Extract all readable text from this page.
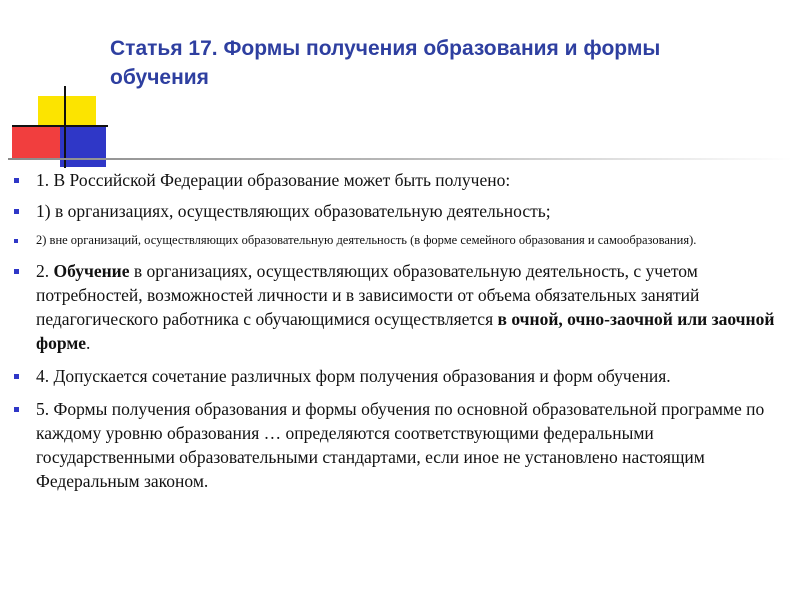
Статья 17. Формы получения образования и формы обучения
1. В Российской Федерации образование может быть получено:
1) в организациях, осуществляющих образовательную деятельность;
2) вне организаций, осуществляющих образовательную деятельность (в форме семейного образования и самообразования).
2. Обучение в организациях, осуществляющих образовательную деятельность, с учетом потребностей, возможностей личности и в зависимости от объема обязательных занятий педагогического работника с обучающимися осуществляется в очной, очно-заочной или заочной форме.
4. Допускается сочетание различных форм получения образования и форм обучения.
5. Формы получения образования и формы обучения по основной образовательной программе по каждому уровню образования … определяются соответствующими федеральными государственными образовательными стандартами, если иное не установлено настоящим Федеральным законом.
